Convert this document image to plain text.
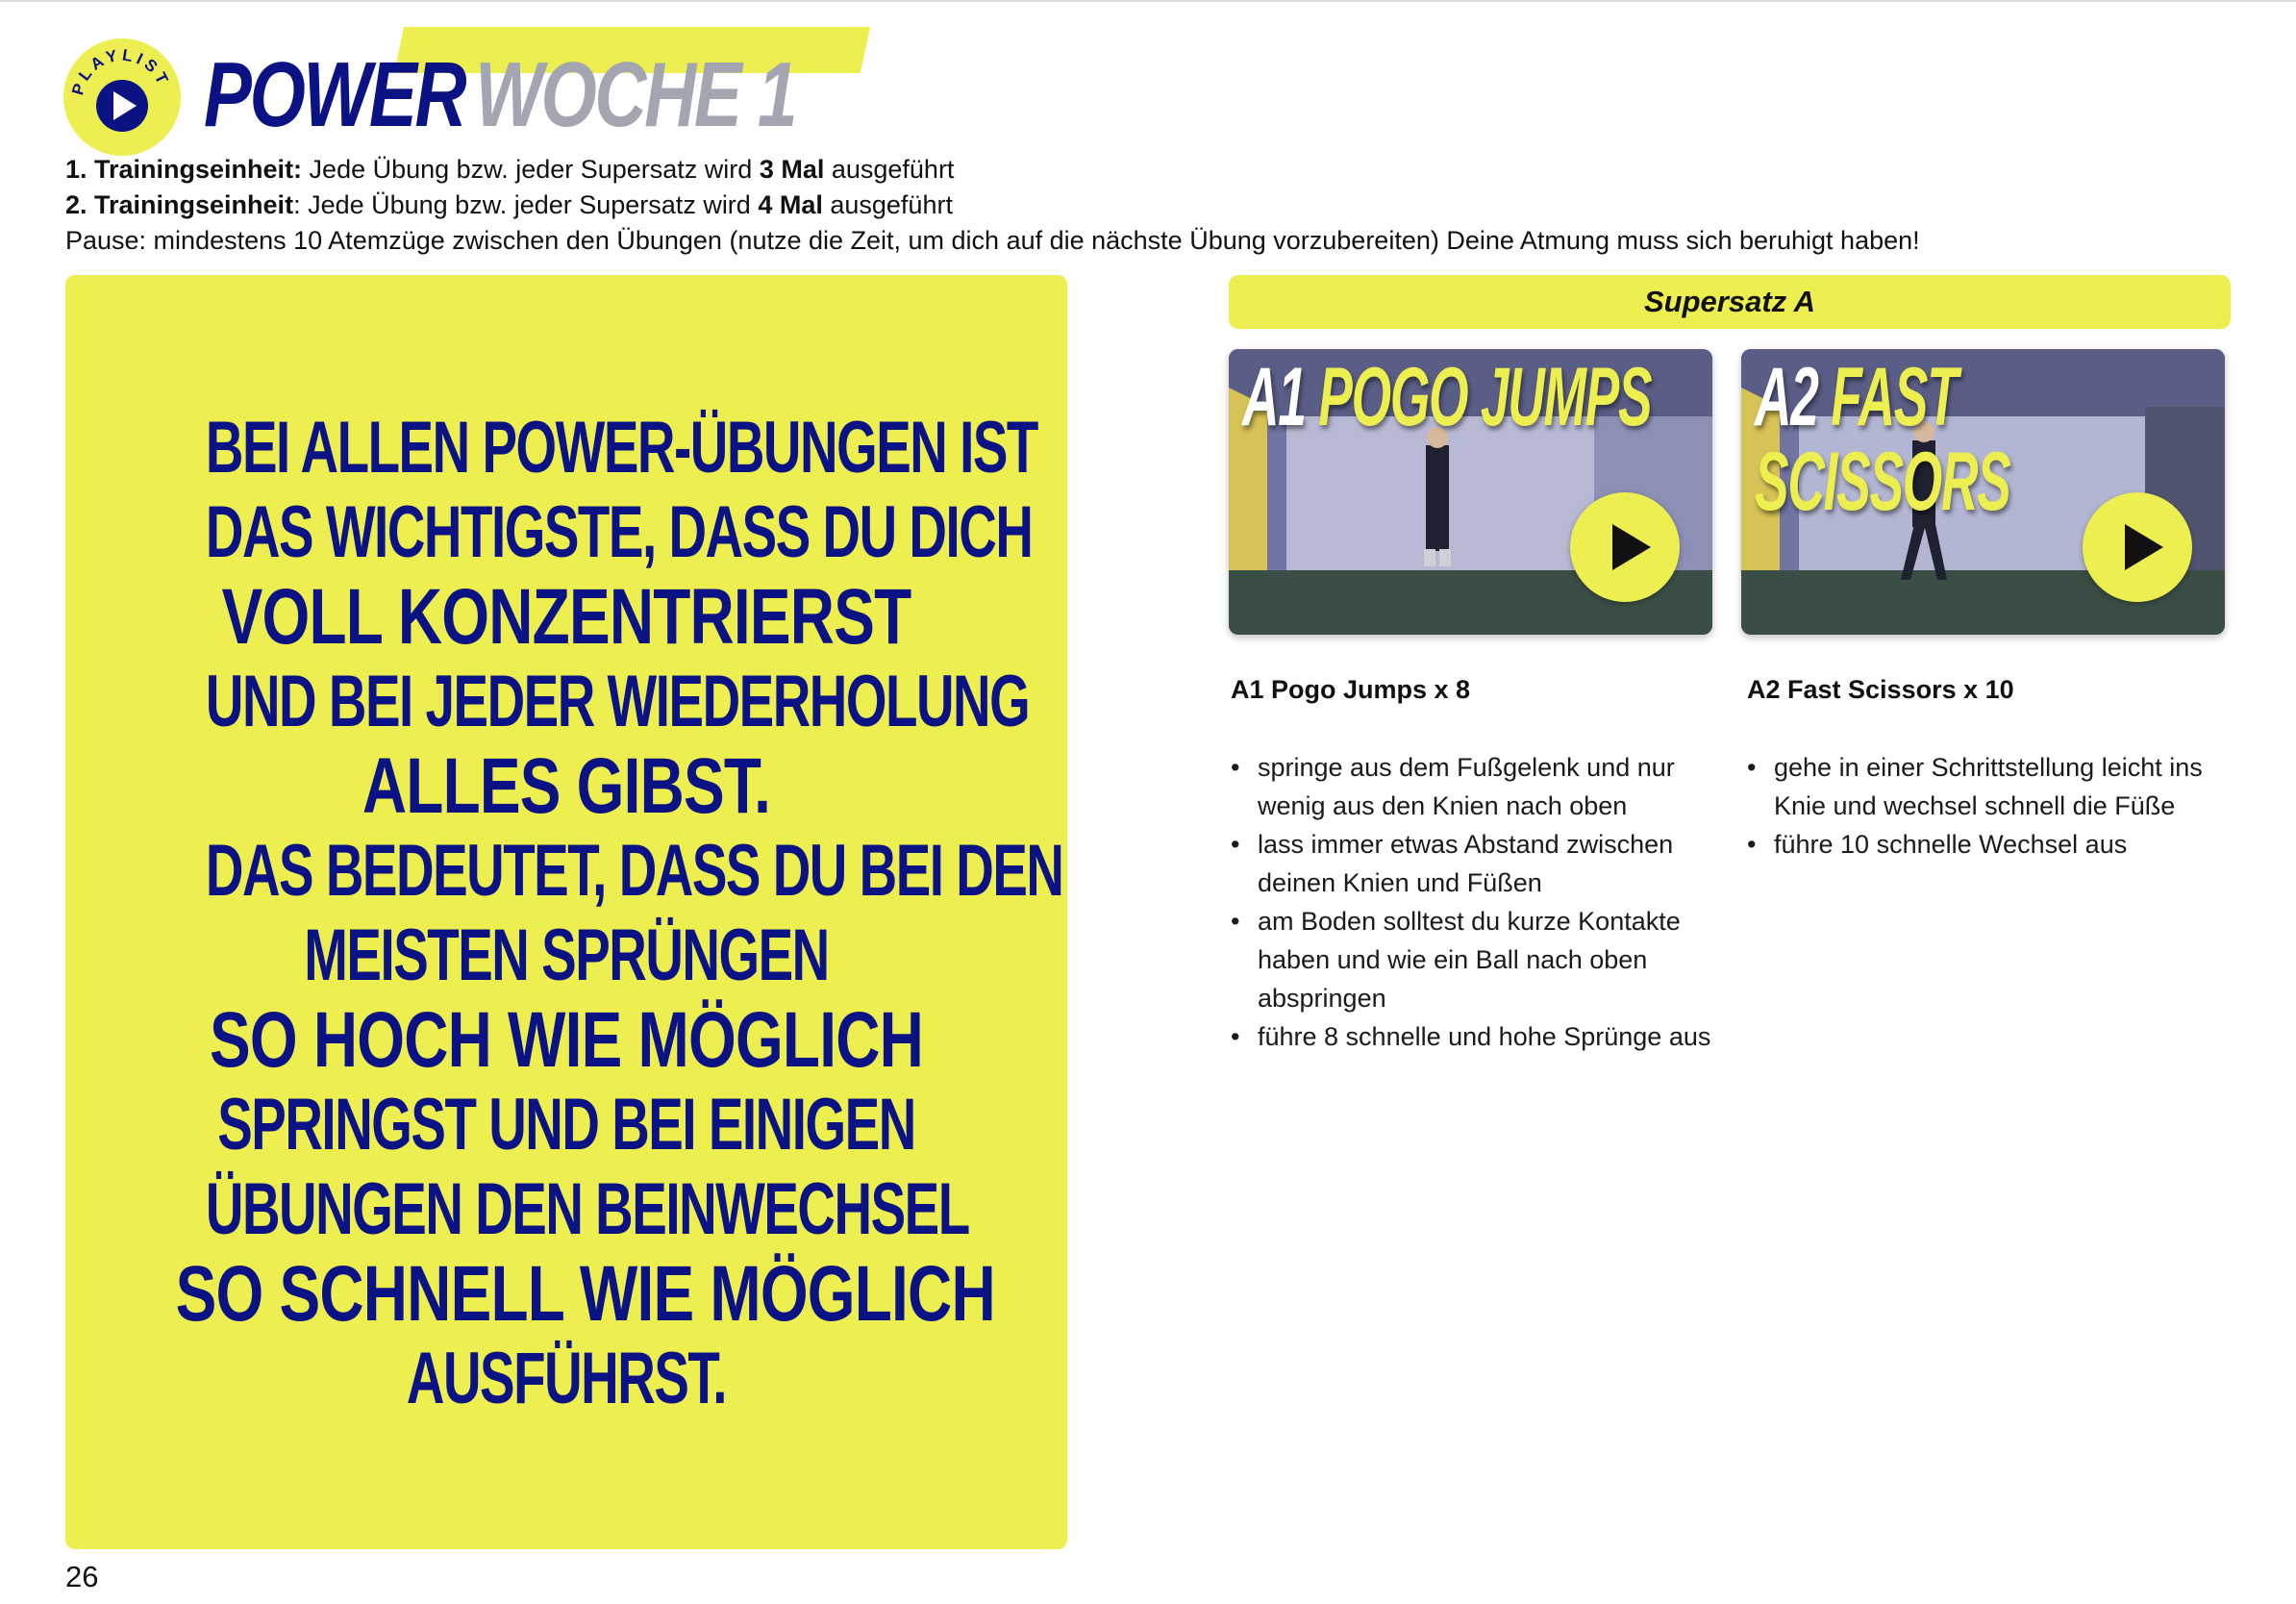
PLAYLIST POWER WOCHE 1
1. Trainingseinheit: Jede Übung bzw. jeder Supersatz wird 3 Mal ausgeführt
2. Trainingseinheit: Jede Übung bzw. jeder Supersatz wird 4 Mal ausgeführt
Pause: mindestens 10 Atemzüge zwischen den Übungen (nutze die Zeit, um dich auf die nächste Übung vorzubereiten) Deine Atmung muss sich beruhigt haben!
BEI ALLEN POWER-ÜBUNGEN IST
DAS WICHTIGSTE, DASS DU DICH
VOLL KONZENTRIERST
UND BEI JEDER WIEDERHOLUNG
ALLES GIBST.
DAS BEDEUTET, DASS DU BEI DEN
MEISTEN SPRÜNGEN
SO HOCH WIE MÖGLICH
SPRINGST UND BEI EINIGEN
ÜBUNGEN DEN BEINWECHSEL
SO SCHNELL WIE MÖGLICH
AUSFÜHRST.
Supersatz A
A1 POGO JUMPS A2 FAST
SCISSORS
A1 Pogo Jumps x 8	A2 Fast Scissors x 10
• springe aus dem Fußgelenk und nur wenig aus den Knien nach oben
• lass immer etwas Abstand zwischen deinen Knien und Füßen
• am Boden solltest du kurze Kontakte haben und wie ein Ball nach oben abspringen
• führe 8 schnelle und hohe Sprünge aus
• gehe in einer Schrittstellung leicht ins Knie und wechsel schnell die Füße
• führe 10 schnelle Wechsel aus
26
